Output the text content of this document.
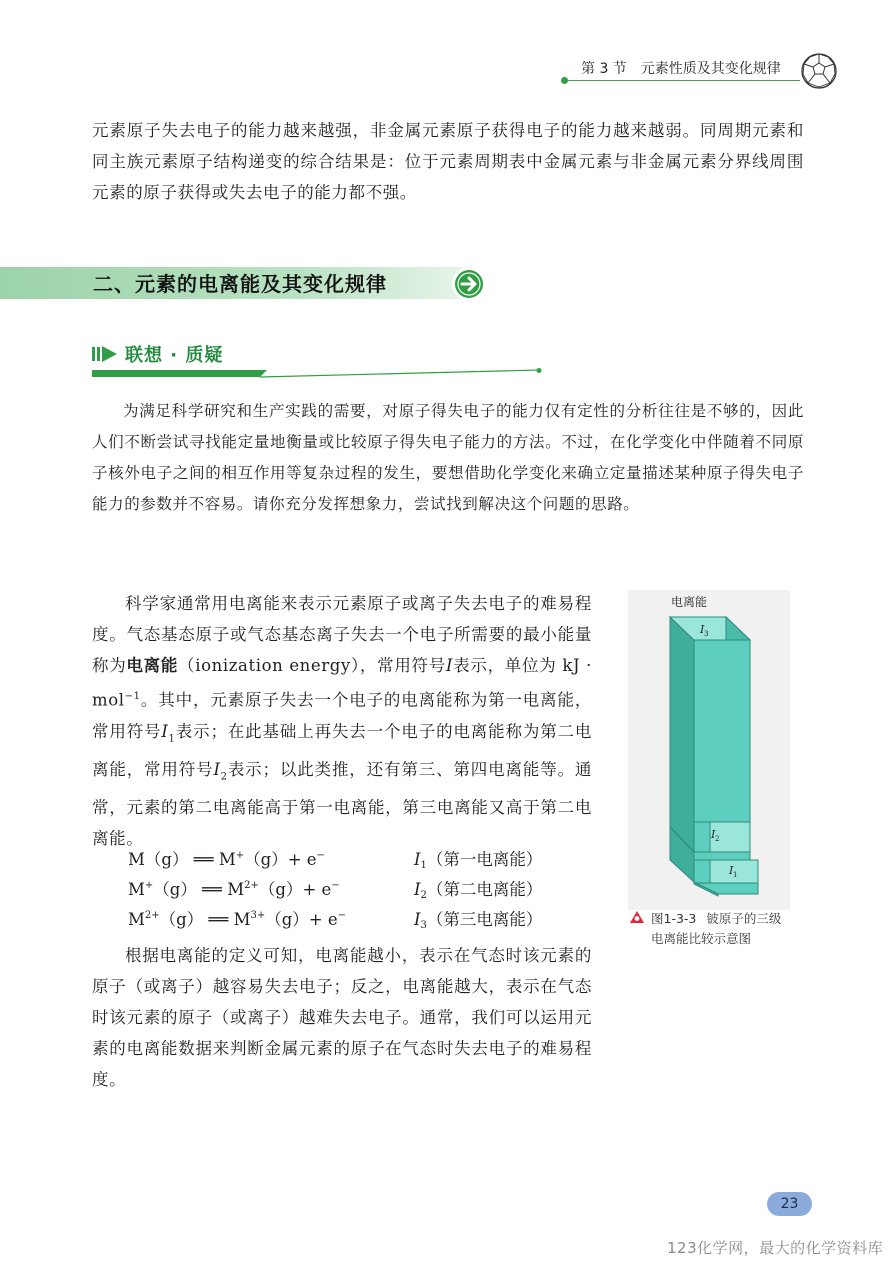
第 3 节 元素性质及其变化规律

元素原子失去电子的能力越来越强，非金属元素原子获得电子的能力越来越弱。同周期元素和同主族元素原子结构递变的综合结果是：位于元素周期表中金属元素与非金属元素分界线周围元素的原子获得或失去电子的能力都不强。

二、元素的电离能及其变化规律
联想 · 质疑

为满足科学研究和生产实践的需要，对原子得失电子的能力仅有定性的分析往往是不够的，因此人们不断尝试寻找能定量地衡量或比较原子得失电子能力的方法。不过，在化学变化中伴随着不同原子核外电子之间的相互作用等复杂过程的发生，要想借助化学变化来确立定量描述某种原子得失电子能力的参数并不容易。请你充分发挥想象力，尝试找到解决这个问题的思路。

科学家通常用电离能来表示元素原子或离子失去电子的难易程度。气态基态原子或气态基态离子失去一个电子所需要的最小能量称为电离能（ionization energy），常用符号I表示，单位为 kJ · mol$^{-1}$。其中，元素原子失去一个电子的电离能称为第一电离能，常用符号$I_1$表示；在此基础上再失去一个电子的电离能称为第二电离能，常用符号$I_2$表示；以此类推，还有第三、第四电离能等。通常，元素的第二电离能高于第一电离能，第三电离能又高于第二电离能。

M（g） ══ M+（g）+ e−
M+（g） ══ $M^{2+}(g)+ e^-$
$M^{2+}(g)$ ══ $M^{3+}(g)+ e^-$
$I_1$（第一电离能）
$I_2$（第二电离能）
$I_3$（第三电离能）

根据电离能的定义可知，电离能越小，表示在气态时该元素的原子（或离子）越容易失去电子；反之，电离能越大，表示在气态时该元素的原子（或离子）越难失去电子。通常，我们可以运用元素的电离能数据来判断金属元素的原子在气态时失去电子的难易程度。

电离能
I 3
I 2
I 1
图1-3-3 铍原子的三级
电离能比较示意图
23
123化学网，最大的化学资料库
